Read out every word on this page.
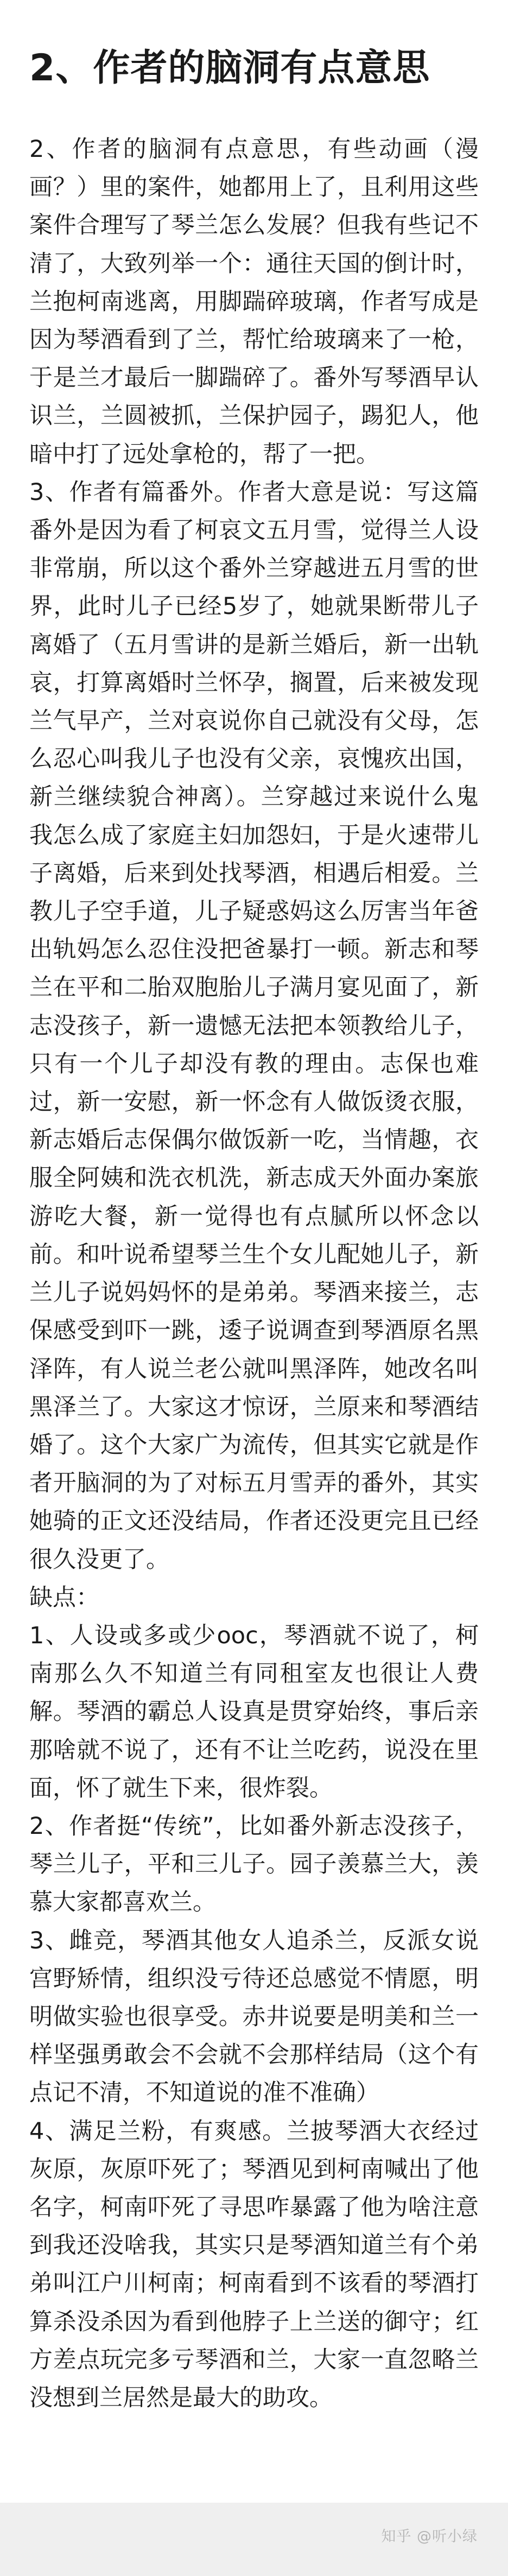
2、作者的脑洞有点意思

2、作者的脑洞有点意思，有些动画（漫画？）里的案件，她都用上了，且利用这些案件合理写了琴兰怎么发展？但我有些记不清了，大致列举一个：通往天国的倒计时，兰抱柯南逃离，用脚踹碎玻璃，作者写成是因为琴酒看到了兰，帮忙给玻璃来了一枪，于是兰才最后一脚踹碎了。番外写琴酒早认识兰，兰圆被抓，兰保护园子，踢犯人，他暗中打了远处拿枪的，帮了一把。

3、作者有篇番外。作者大意是说：写这篇番外是因为看了柯哀文五月雪，觉得兰人设非常崩，所以这个番外兰穿越进五月雪的世界，此时儿子已经5岁了，她就果断带儿子离婚了（五月雪讲的是新兰婚后，新一出轨哀，打算离婚时兰怀孕，搁置，后来被发现兰气早产，兰对哀说你自己就没有父母，怎么忍心叫我儿子也没有父亲，哀愧疚出国，新兰继续貌合神离）。兰穿越过来说什么鬼我怎么成了家庭主妇加怨妇，于是火速带儿子离婚，后来到处找琴酒，相遇后相爱。兰教儿子空手道，儿子疑惑妈这么厉害当年爸出轨妈怎么忍住没把爸暴打一顿。新志和琴兰在平和二胎双胞胎儿子满月宴见面了，新志没孩子，新一遗憾无法把本领教给儿子，只有一个儿子却没有教的理由。志保也难过，新一安慰，新一怀念有人做饭烫衣服，新志婚后志保偶尔做饭新一吃，当情趣，衣服全阿姨和洗衣机洗，新志成天外面办案旅游吃大餐，新一觉得也有点腻所以怀念以前。和叶说希望琴兰生个女儿配她儿子，新兰儿子说妈妈怀的是弟弟。琴酒来接兰，志保感受到吓一跳，逶子说调查到琴酒原名黑泽阵，有人说兰老公就叫黑泽阵，她改名叫黑泽兰了。大家这才惊讶，兰原来和琴酒结婚了。这个大家广为流传，但其实它就是作者开脑洞的为了对标五月雪弄的番外，其实她骑的正文还没结局，作者还没更完且已经很久没更了。

缺点：

1、人设或多或少ooc，琴酒就不说了，柯南那么久不知道兰有同租室友也很让人费解。琴酒的霸总人设真是贯穿始终，事后亲那啥就不说了，还有不让兰吃药，说没在里面，怀了就生下来，很炸裂。

2、作者挺“传统”，比如番外新志没孩子，琴兰儿子，平和三儿子。园子羡慕兰大，羡慕大家都喜欢兰。

3、雌竞，琴酒其他女人追杀兰，反派女说宫野矫情，组织没亏待还总感觉不情愿，明明做实验也很享受。赤井说要是明美和兰一样坚强勇敢会不会就不会那样结局（这个有点记不清，不知道说的准不准确）

4、满足兰粉，有爽感。兰披琴酒大衣经过灰原，灰原吓死了；琴酒见到柯南喊出了他名字，柯南吓死了寻思咋暴露了他为啥注意到我还没啥我，其实只是琴酒知道兰有个弟弟叫江户川柯南；柯南看到不该看的琴酒打算杀没杀因为看到他脖子上兰送的御守；红方差点玩完多亏琴酒和兰，大家一直忽略兰没想到兰居然是最大的助攻。

知乎 @听小绿
